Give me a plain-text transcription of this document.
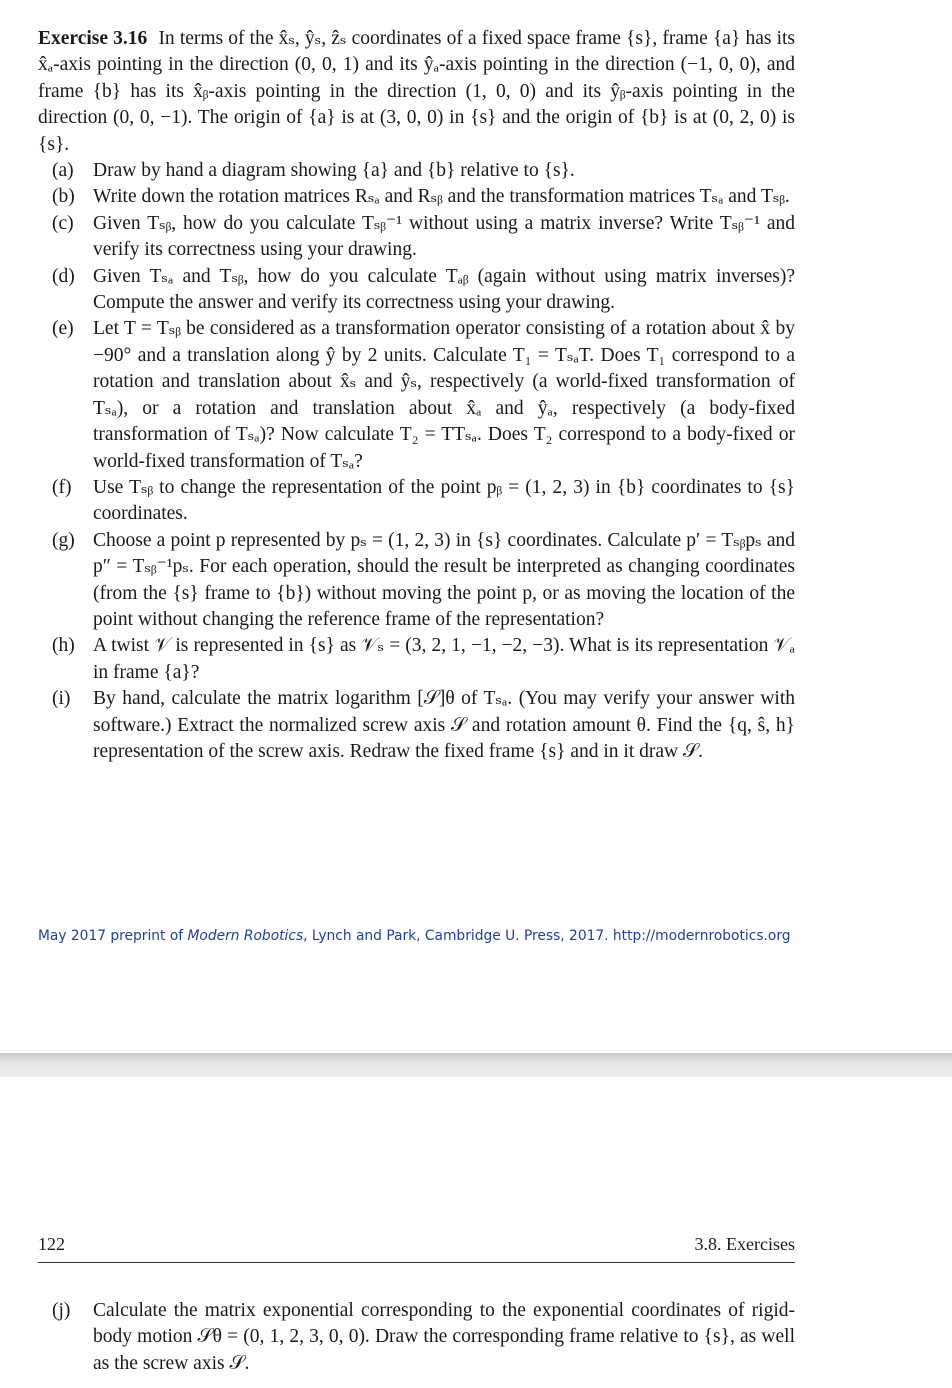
Exercise 3.16 In terms of the x̂ₛ, ŷₛ, ẑₛ coordinates of a fixed space frame {s}, frame {a} has its x̂ₐ-axis pointing in the direction (0, 0, 1) and its ŷₐ-axis pointing in the direction (−1, 0, 0), and frame {b} has its x̂ᵦ-axis pointing in the direction (1, 0, 0) and its ŷᵦ-axis pointing in the direction (0, 0, −1). The origin of {a} is at (3, 0, 0) in {s} and the origin of {b} is at (0, 2, 0) is {s}.

(a) Draw by hand a diagram showing {a} and {b} relative to {s}.
(b) Write down the rotation matrices Rₛₐ and Rₛᵦ and the transformation matrices Tₛₐ and Tₛᵦ.
(c) Given Tₛᵦ, how do you calculate Tₛᵦ⁻¹ without using a matrix inverse? Write Tₛᵦ⁻¹ and verify its correctness using your drawing.
(d) Given Tₛₐ and Tₛᵦ, how do you calculate Tₐᵦ (again without using matrix inverses)? Compute the answer and verify its correctness using your drawing.
(e) Let T = Tₛᵦ be considered as a transformation operator consisting of a rotation about x̂ by −90° and a translation along ŷ by 2 units. Calculate T₁ = TₛₐT. Does T₁ correspond to a rotation and translation about x̂ₛ and ŷₛ, respectively (a world-fixed transformation of Tₛₐ), or a rotation and translation about x̂ₐ and ŷₐ, respectively (a body-fixed transformation of Tₛₐ)? Now calculate T₂ = TTₛₐ. Does T₂ correspond to a body-fixed or world-fixed transformation of Tₛₐ?
(f) Use Tₛᵦ to change the representation of the point pᵦ = (1, 2, 3) in {b} coordinates to {s} coordinates.
(g) Choose a point p represented by pₛ = (1, 2, 3) in {s} coordinates. Calculate p′ = Tₛᵦpₛ and p″ = Tₛᵦ⁻¹pₛ. For each operation, should the result be interpreted as changing coordinates (from the {s} frame to {b}) without moving the point p, or as moving the location of the point without changing the reference frame of the representation?
(h) A twist 𝒱 is represented in {s} as 𝒱ₛ = (3, 2, 1, −1, −2, −3). What is its representation 𝒱ₐ in frame {a}?
(i) By hand, calculate the matrix logarithm [𝒮]θ of Tₛₐ. (You may verify your answer with software.) Extract the normalized screw axis 𝒮 and rotation amount θ. Find the {q, ŝ, h} representation of the screw axis. Redraw the fixed frame {s} and in it draw 𝒮.
May 2017 preprint of Modern Robotics, Lynch and Park, Cambridge U. Press, 2017. http://modernrobotics.org
122	3.8. Exercises
(j) Calculate the matrix exponential corresponding to the exponential coordinates of rigid-body motion 𝒮θ = (0, 1, 2, 3, 0, 0). Draw the corresponding frame relative to {s}, as well as the screw axis 𝒮.
